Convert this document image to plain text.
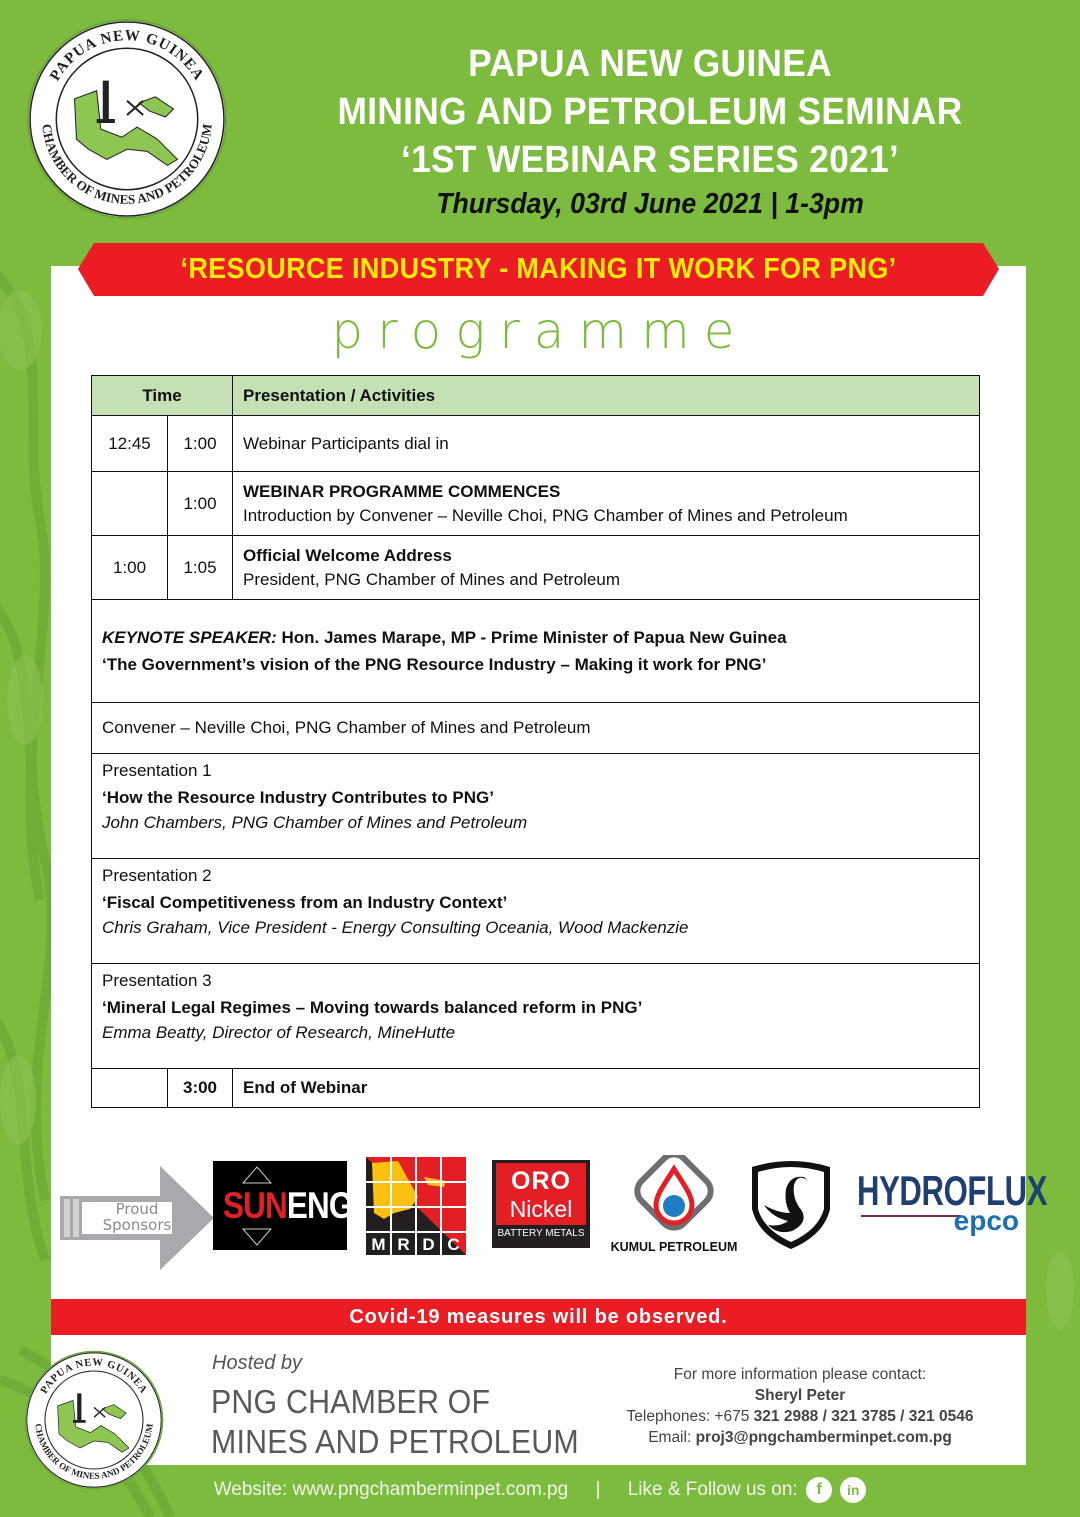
PAPUA NEW GUINEA
CHAMBER OF MINES AND PETROLEUM
PAPUA NEW GUINEA
MINING AND PETROLEUM SEMINAR
‘1ST WEBINAR SERIES 2021’
Thursday, 03rd June 2021 | 1-3pm
‘RESOURCE INDUSTRY - MAKING IT WORK FOR PNG’
programme
Time		Presentation / Activities
12:45	1:00	Webinar Participants dial in
	1:00	WEBINAR PROGRAMME COMMENCES
Introduction by Convener – Neville Choi, PNG Chamber of Mines and Petroleum

1:00	1:05	Official Welcome Address
President, PNG Chamber of Mines and Petroleum

KEYNOTE SPEAKER: Hon. James Marape, MP - Prime Minister of Papua New Guinea
‘The Government’s vision of the PNG Resource Industry – Making it work for PNG’		

Convener – Neville Choi, PNG Chamber of Mines and Petroleum		

Presentation 1
‘How the Resource Industry Contributes to PNG’
John Chambers, PNG Chamber of Mines and Petroleum		

Presentation 2
‘Fiscal Competitiveness from an Industry Context’
Chris Graham, Vice President - Energy Consulting Oceania, Wood Mackenzie		

Presentation 3
‘Mineral Legal Regimes – Moving towards balanced reform in PNG’
Emma Beatty, Director of Research, MineHutte		

	3:00	End of Webinar
Proud
Sponsors SUNENG
M R D C
ORO
Nickel
BATTERY METALS
KUMUL PETROLEUM
HYDROFLUX
epco
Covid-19 measures will be observed.
PAPUA NEW GUINEA
CHAMBER OF MINES AND PETROLEUM
Hosted by
PNG CHAMBER OF
MINES AND PETROLEUM
For more information please contact:
Sheryl Peter
Telephones: +675 321 2988 / 321 3785 / 321 0546
Email: proj3@pngchamberminpet.com.pg
Website: www.pngchamberminpet.com.pg | Like & Follow us on: f in
